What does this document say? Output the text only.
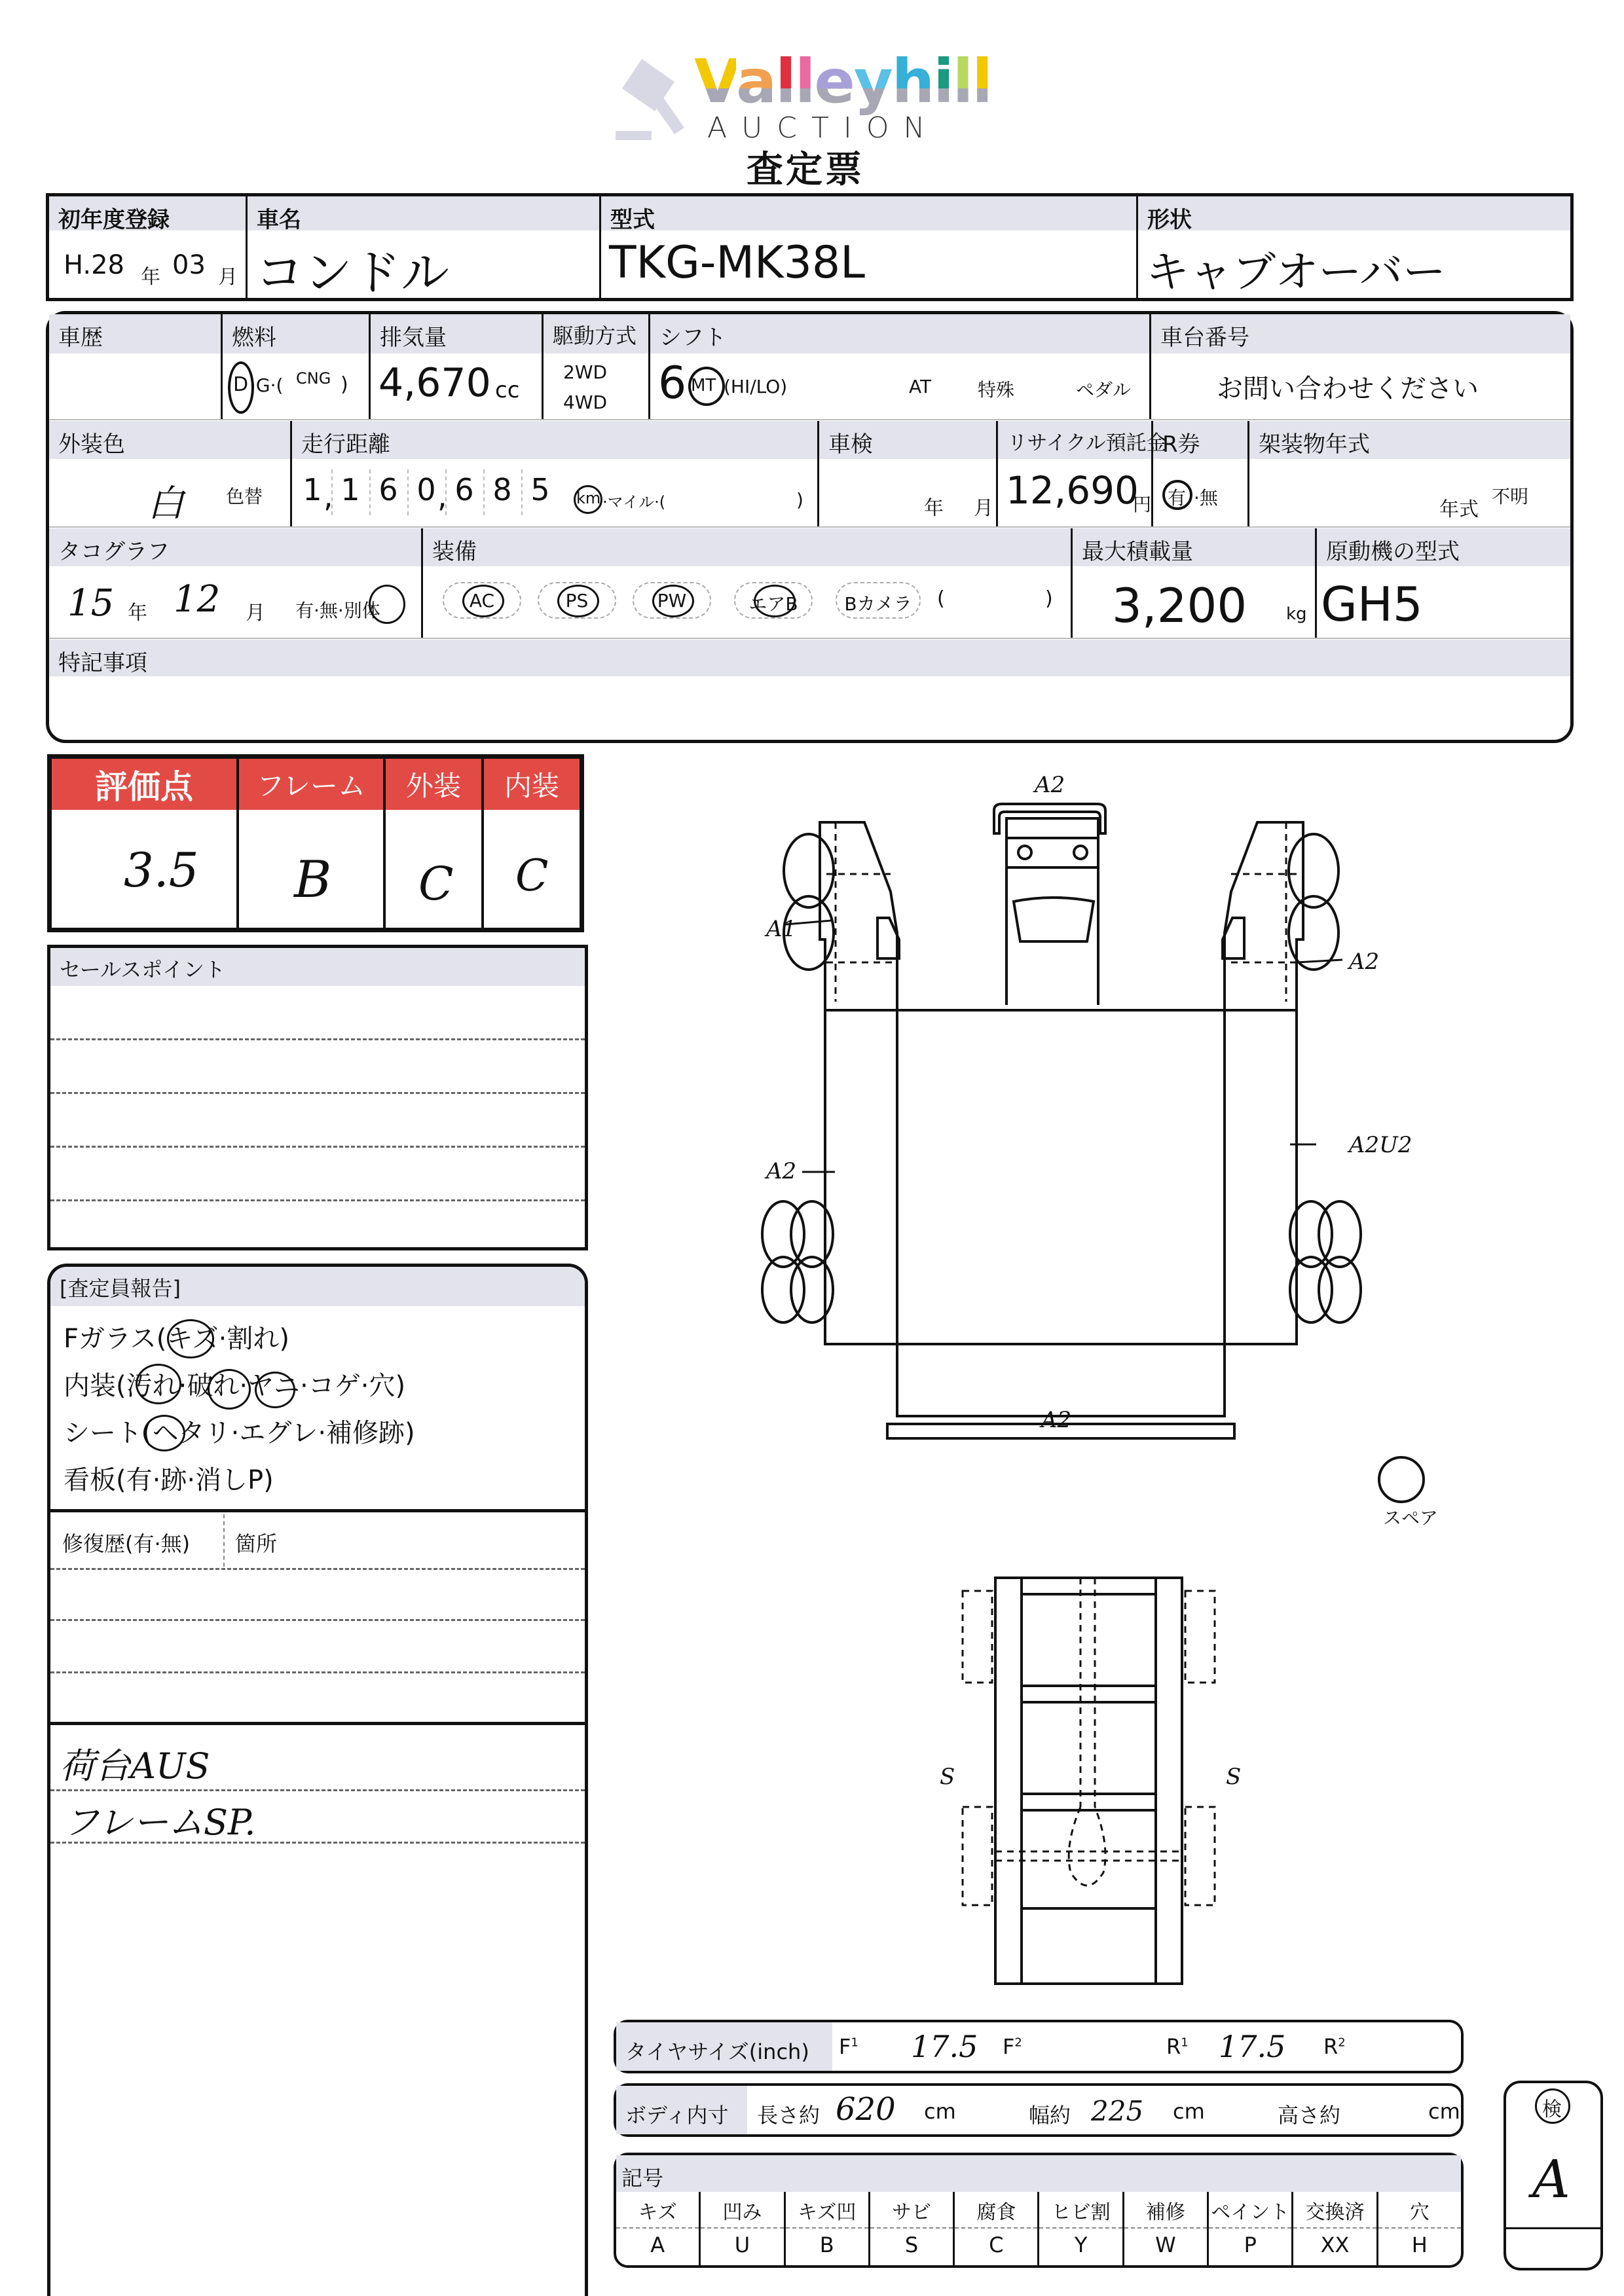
Valleyhill
AUCTION
査定票
初年度登録
H.28 年 03 月
車名
コンドル
型式
TKG-MK38L
形状
キャブオーバー
車歴	燃料
D ·G·( CNG )
排気量
4,670 cc
駆動方式
2WD
4WD
シフト
6 MT (HI/LO)	AT	特殊	ペダル
車台番号
お問い合わせください
外装色
白 色替
走行距離
1 , 1 6 0 , 6 8 5	km ·マイル·(	)
車検
年 月
リサイクル預託金
12,690
円
R券
有 ·無
架装物年式
年式
不明
タコグラフ
15 年 12 月 有·無·別体
装備
AC	PS	PW	エアB	Bカメラ	(	)
最大積載量
3,200 kg
原動機の型式
GH5
特記事項
評価点	フレーム	外装	内装
3.5 B C C
セールスポイント
[査定員報告]
Fガラス(キズ·割れ)
内装(汚れ·破れ·ヤニ·コゲ·穴)
シート(ヘタリ·エグレ·補修跡)
看板(有·跡·消しP)
修復歴(有·無) 箇所
荷台AUS
フレームSP.
A2
A1
A2
A2
A2U2
A2
S	S
スペア
タイヤサイズ(inch) $F^1$ 17.5 $F^2$	$R^1$ 17.5 $R^2$
ボディ内寸 長さ約 620 cm	幅約 225 cm	高さ約	cm
記号
キズ
A
凹み
U
キズ凹
B
サビ
S
腐食
C
ヒビ割
Y
補修
W
ペイント
P
交換済
XX
穴
H
検
A
